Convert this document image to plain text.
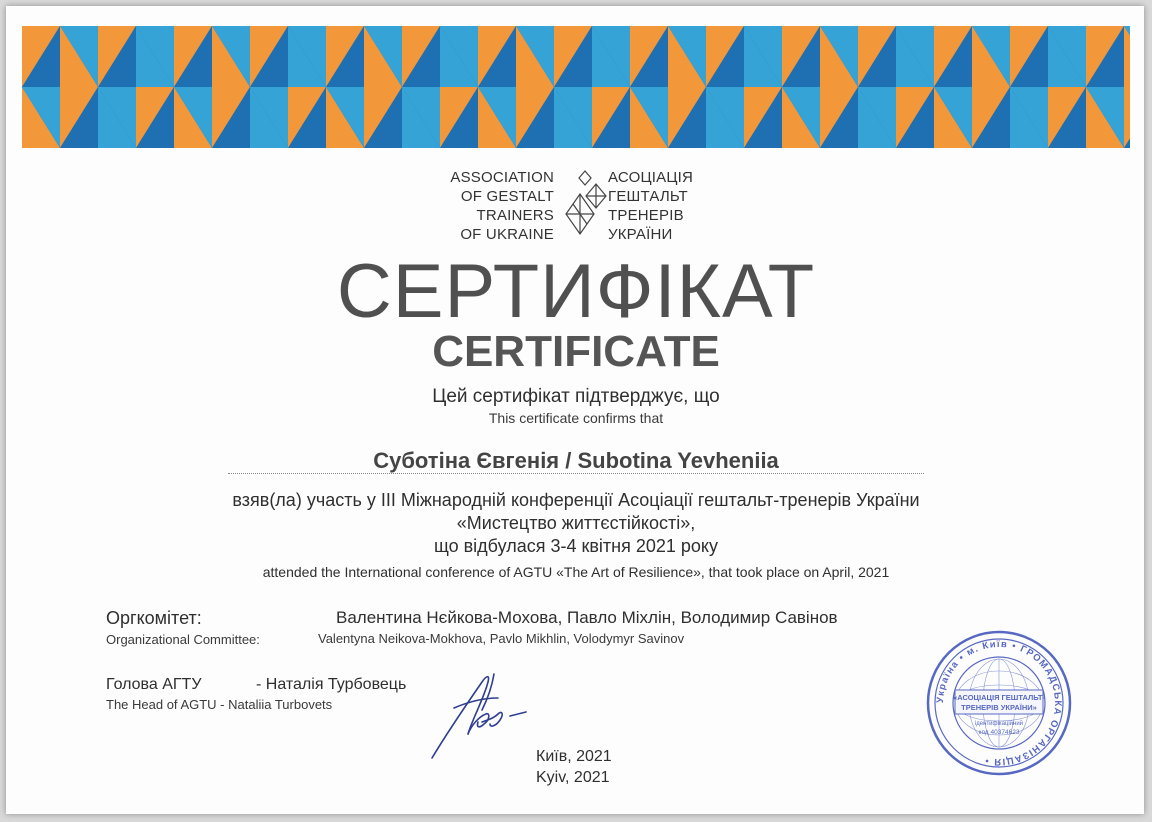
ASSOCIATION
OF GESTALT
TRAINERS
OF UKRAINE
АСОЦІАЦІЯ
ГЕШТАЛЬТ
ТРЕНЕРІВ
УКРАЇНИ
СЕРТИФІКАТ
CERTIFICATE
Цей сертифікат підтверджує, що
This certificate confirms that
Суботіна Євгенія / Subotina Yevheniia
взяв(ла) участь у ІІІ Міжнародній конференції Асоціації гештальт-тренерів України
«Мистецтво життєстійкості»,
що відбулася 3-4 квітня 2021 року
attended the International conference of AGTU «The Art of Resilience», that took place on April, 2021
Оргкомітет:	Валентина Нєйкова-Мохова, Павло Міхлін, Володимир Савінов
Organizational Committee:	Valentyna Neikova-Mokhova, Pavlo Mikhlin, Volodymyr Savinov
Голова АГТУ	- Наталія Турбовець
The Head of AGTU - Nataliia Turbovets
Київ, 2021
Kyiv, 2021
Україна • м. Київ • ГРОМАДСЬКА ОРГАНІЗАЦІЯ •
«АСОЦІАЦІЯ ГЕШТАЛЬТ-
ТРЕНЕРІВ УКРАЇНИ»
ідентифікаційний
код 40374623
